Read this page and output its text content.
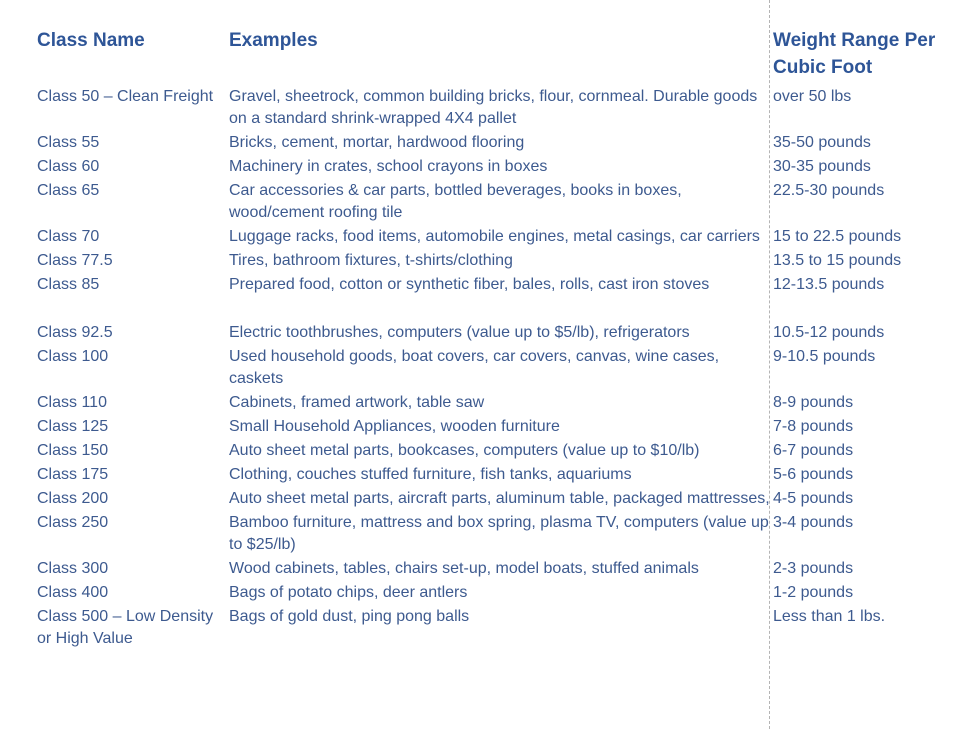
Class Name	Examples	Weight Range Per Cubic Foot
Class 50 – Clean Freight	Gravel, sheetrock, common building bricks, flour, cornmeal. Durable goods on a standard shrink-wrapped 4X4 pallet	over 50 lbs
Class 55	Bricks, cement, mortar, hardwood flooring	35-50 pounds
Class 60	Machinery in crates, school crayons in boxes	30-35 pounds
Class 65	Car accessories & car parts, bottled beverages, books in boxes, wood/cement roofing tile	22.5-30 pounds
Class 70	Luggage racks, food items, automobile engines, metal casings, car carriers	15 to 22.5 pounds
Class 77.5	Tires, bathroom fixtures, t-shirts/clothing	13.5 to 15 pounds
Class 85	Prepared food, cotton or synthetic fiber, bales, rolls, cast iron stoves	12-13.5 pounds
Class 92.5	Electric toothbrushes, computers (value up to $5/lb), refrigerators	10.5-12 pounds
Class 100	Used household goods, boat covers, car covers, canvas, wine cases, caskets	9-10.5 pounds
Class 110	Cabinets, framed artwork, table saw	8-9 pounds
Class 125	Small Household Appliances, wooden furniture	7-8 pounds
Class 150	Auto sheet metal parts, bookcases, computers (value up to $10/lb)	6-7 pounds
Class 175	Clothing, couches stuffed furniture, fish tanks, aquariums	5-6 pounds
Class 200	Auto sheet metal parts, aircraft parts, aluminum table, packaged mattresses,	4-5 pounds
Class 250	Bamboo furniture, mattress and box spring, plasma TV, computers (value up to $25/lb)	3-4 pounds
Class 300	Wood cabinets, tables, chairs set-up, model boats, stuffed animals	2-3 pounds
Class 400	Bags of potato chips, deer antlers	1-2 pounds
Class 500 – Low Density or High Value	Bags of gold dust, ping pong balls	Less than 1 lbs.
